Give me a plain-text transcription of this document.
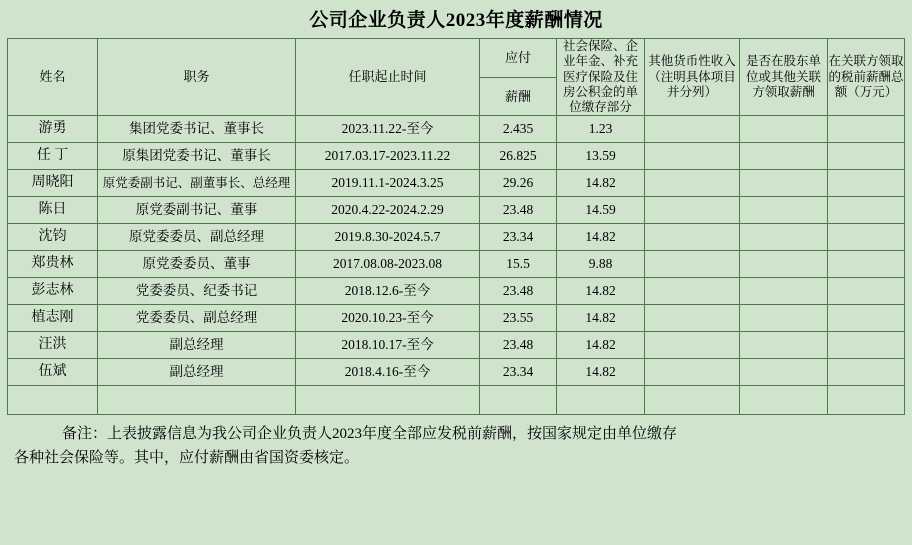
公司企业负责人2023年度薪酬情况
姓名	职务	任职起止时间	应付	社会保险、企业年金、补充医疗保险及住房公积金的单位缴存部分	其他货币性收入（注明具体项目并分列）	是否在股东单位或其他关联方领取薪酬	在关联方领取的税前薪酬总额（万元）
			薪酬				
游勇	集团党委书记、董事长	2023.11.22-至今	2.435	1.23			
任 丁	原集团党委书记、董事长	2017.03.17-2023.11.22	26.825	13.59			
周晓阳	原党委副书记、副董事长、总经理	2019.11.1-2024.3.25	29.26	14.82			
陈日	原党委副书记、董事	2020.4.22-2024.2.29	23.48	14.59			
沈钧	原党委委员、副总经理	2019.8.30-2024.5.7	23.34	14.82			
郑贵林	原党委委员、董事	2017.08.08-2023.08	15.5	9.88			
彭志林	党委委员、纪委书记	2018.12.6-至今	23.48	14.82			
植志刚	党委委员、副总经理	2020.10.23-至今	23.55	14.82			
汪洪	副总经理	2018.10.17-至今	23.48	14.82			
伍斌	副总经理	2018.4.16-至今	23.34	14.82			

备注：上表披露信息为我公司企业负责人2023年度全部应发税前薪酬，按国家规定由单位缴存

各种社会保险等。其中，应付薪酬由省国资委核定。
